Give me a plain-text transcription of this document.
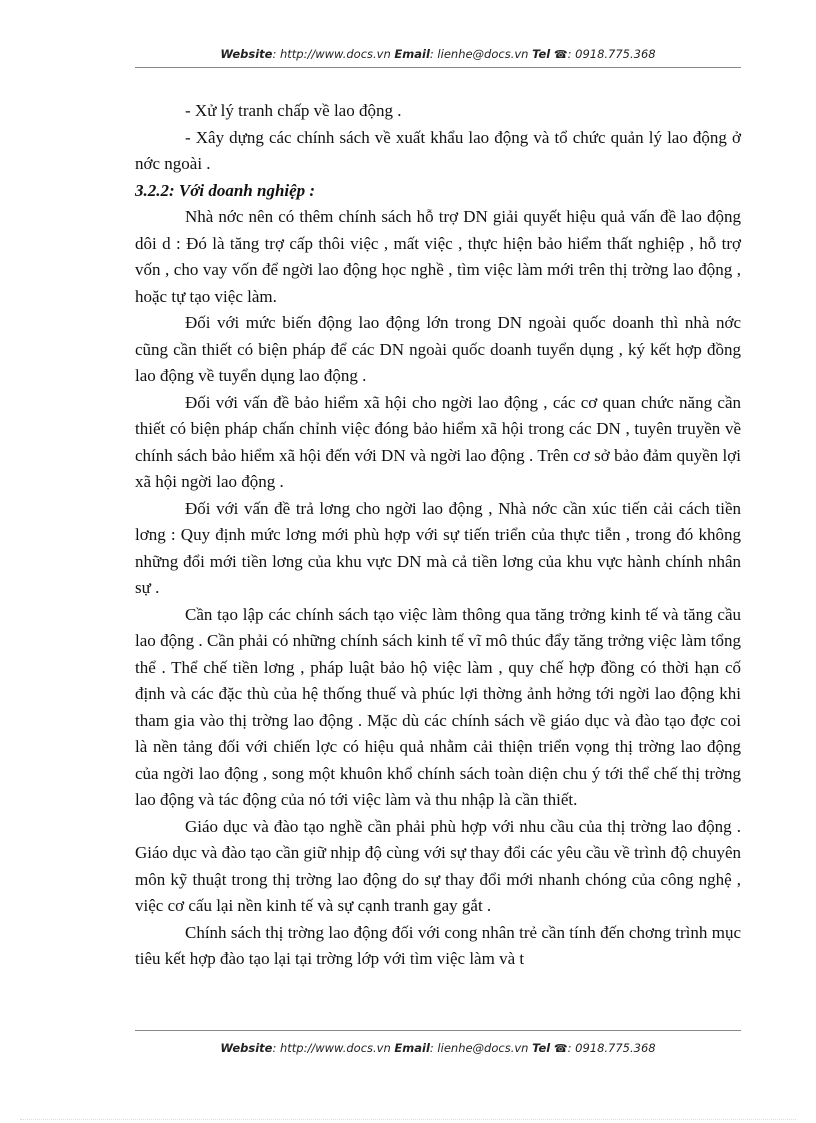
Website: http://www.docs.vn Email: lienhe@docs.vn Tel ☎: 0918.775.368

- Xử lý tranh chấp về lao động .

- Xây dựng các chính sách về xuất khẩu lao động và tổ chức quản lý lao động ở nớc ngoài .

3.2.2: Với doanh nghiệp :

Nhà nớc nên có thêm chính sách hỗ trợ DN giải quyết hiệu quả vấn đề lao động dôi d : Đó là tăng trợ cấp thôi việc , mất việc , thực hiện bảo hiểm thất nghiệp , hỗ trợ vốn , cho vay vốn để ngời lao động học nghề , tìm việc làm mới trên thị trờng lao động , hoặc tự tạo việc làm.

Đối với mức biến động lao động lớn trong DN ngoài quốc doanh thì nhà nớc cũng cần thiết có biện pháp để các DN ngoài quốc doanh tuyển dụng , ký kết hợp đồng lao động về tuyển dụng lao động .

Đối với vấn đề bảo hiểm xã hội cho ngời lao động , các cơ quan chức năng cần thiết có biện pháp chấn chỉnh việc đóng bảo hiểm xã hội trong các DN , tuyên truyền về chính sách bảo hiểm xã hội đến với DN và ngời lao động . Trên cơ sở bảo đảm quyền lợi xã hội ngời lao động .

Đối với vấn đề trả lơng cho ngời lao động , Nhà nớc cần xúc tiến cải cách tiền lơng : Quy định mức lơng mới phù hợp với sự tiến triển của thực tiễn , trong đó không những đổi mới tiền lơng của khu vực DN mà cả tiền lơng của khu vực hành chính nhân sự .

Cần tạo lập các chính sách tạo việc làm thông qua tăng trởng kinh tế và tăng cầu lao động . Cần phải có những chính sách kinh tế vĩ mô thúc đẩy tăng trởng việc làm tổng thể . Thể chế tiền lơng , pháp luật bảo hộ việc làm , quy chế hợp đồng có thời hạn cố định và các đặc thù của hệ thống thuế và phúc lợi thờng ảnh hởng tới ngời lao động khi tham gia vào thị trờng lao động . Mặc dù các chính sách về giáo dục và đào tạo đợc coi là nền tảng đối với chiến lợc có hiệu quả nhằm cải thiện triển vọng thị trờng lao động của ngời lao động , song một khuôn khổ chính sách toàn diện chu ý tới thể chế thị trờng lao động và tác động của nó tới việc làm và thu nhập là cần thiết.

Giáo dục và đào tạo nghề cần phải phù hợp với nhu cầu của thị trờng lao động . Giáo dục và đào tạo cần giữ nhịp độ cùng với sự thay đổi các yêu cầu về trình độ chuyên môn kỹ thuật trong thị trờng lao động do sự thay đổi mới nhanh chóng của công nghệ , việc cơ cấu lại nền kinh tế và sự cạnh tranh gay gắt .

Chính sách thị trờng lao động đối với cong nhân trẻ cần tính đến chơng trình mục tiêu kết hợp đào tạo lại tại trờng lớp với tìm việc làm và t

Website: http://www.docs.vn Email: lienhe@docs.vn Tel ☎: 0918.775.368
